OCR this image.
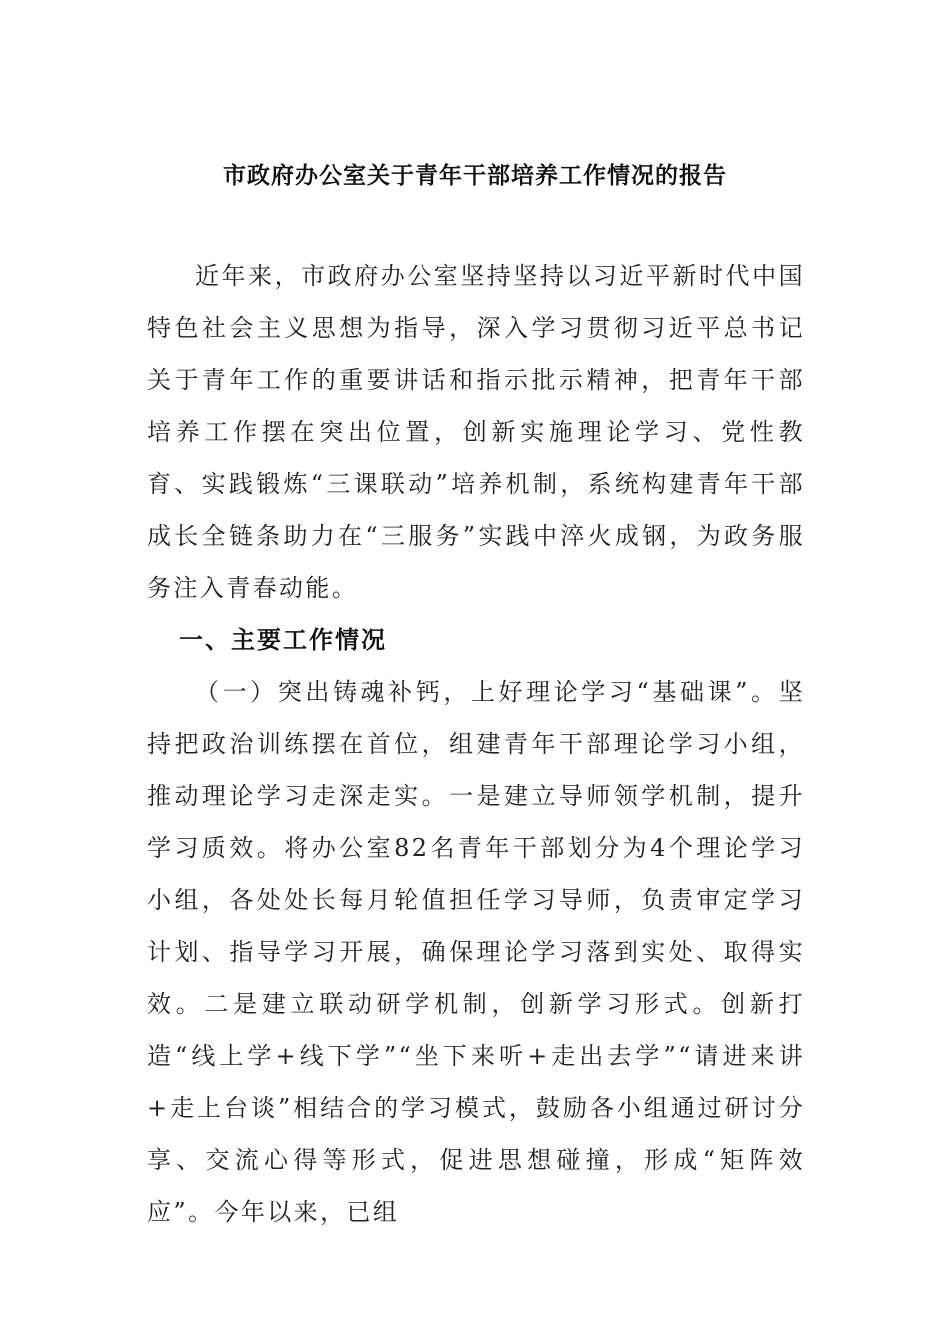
市政府办公室关于青年干部培养工作情况的报告

近年来，市政府办公室坚持坚持以习近平新时代中国特色社会主义思想为指导，深入学习贯彻习近平总书记关于青年工作的重要讲话和指示批示精神，把青年干部培养工作摆在突出位置，创新实施理论学习、党性教育、实践锻炼“三课联动”培养机制，系统构建青年干部成长全链条助力在“三服务”实践中淬火成钢，为政务服务注入青春动能。

一、主要工作情况

（一）突出铸魂补钙，上好理论学习“基础课”。坚持把政治训练摆在首位，组建青年干部理论学习小组，推动理论学习走深走实。一是建立导师领学机制，提升学习质效。将办公室82名青年干部划分为4个理论学习小组，各处处长每月轮值担任学习导师，负责审定学习计划、指导学习开展，确保理论学习落到实处、取得实效。二是建立联动研学机制，创新学习形式。创新打造“线上学+线下学”“坐下来听+走出去学”“请进来讲+走上台谈”相结合的学习模式，鼓励各小组通过研讨分享、交流心得等形式，促进思想碰撞，形成“矩阵效应”。今年以来，已组
